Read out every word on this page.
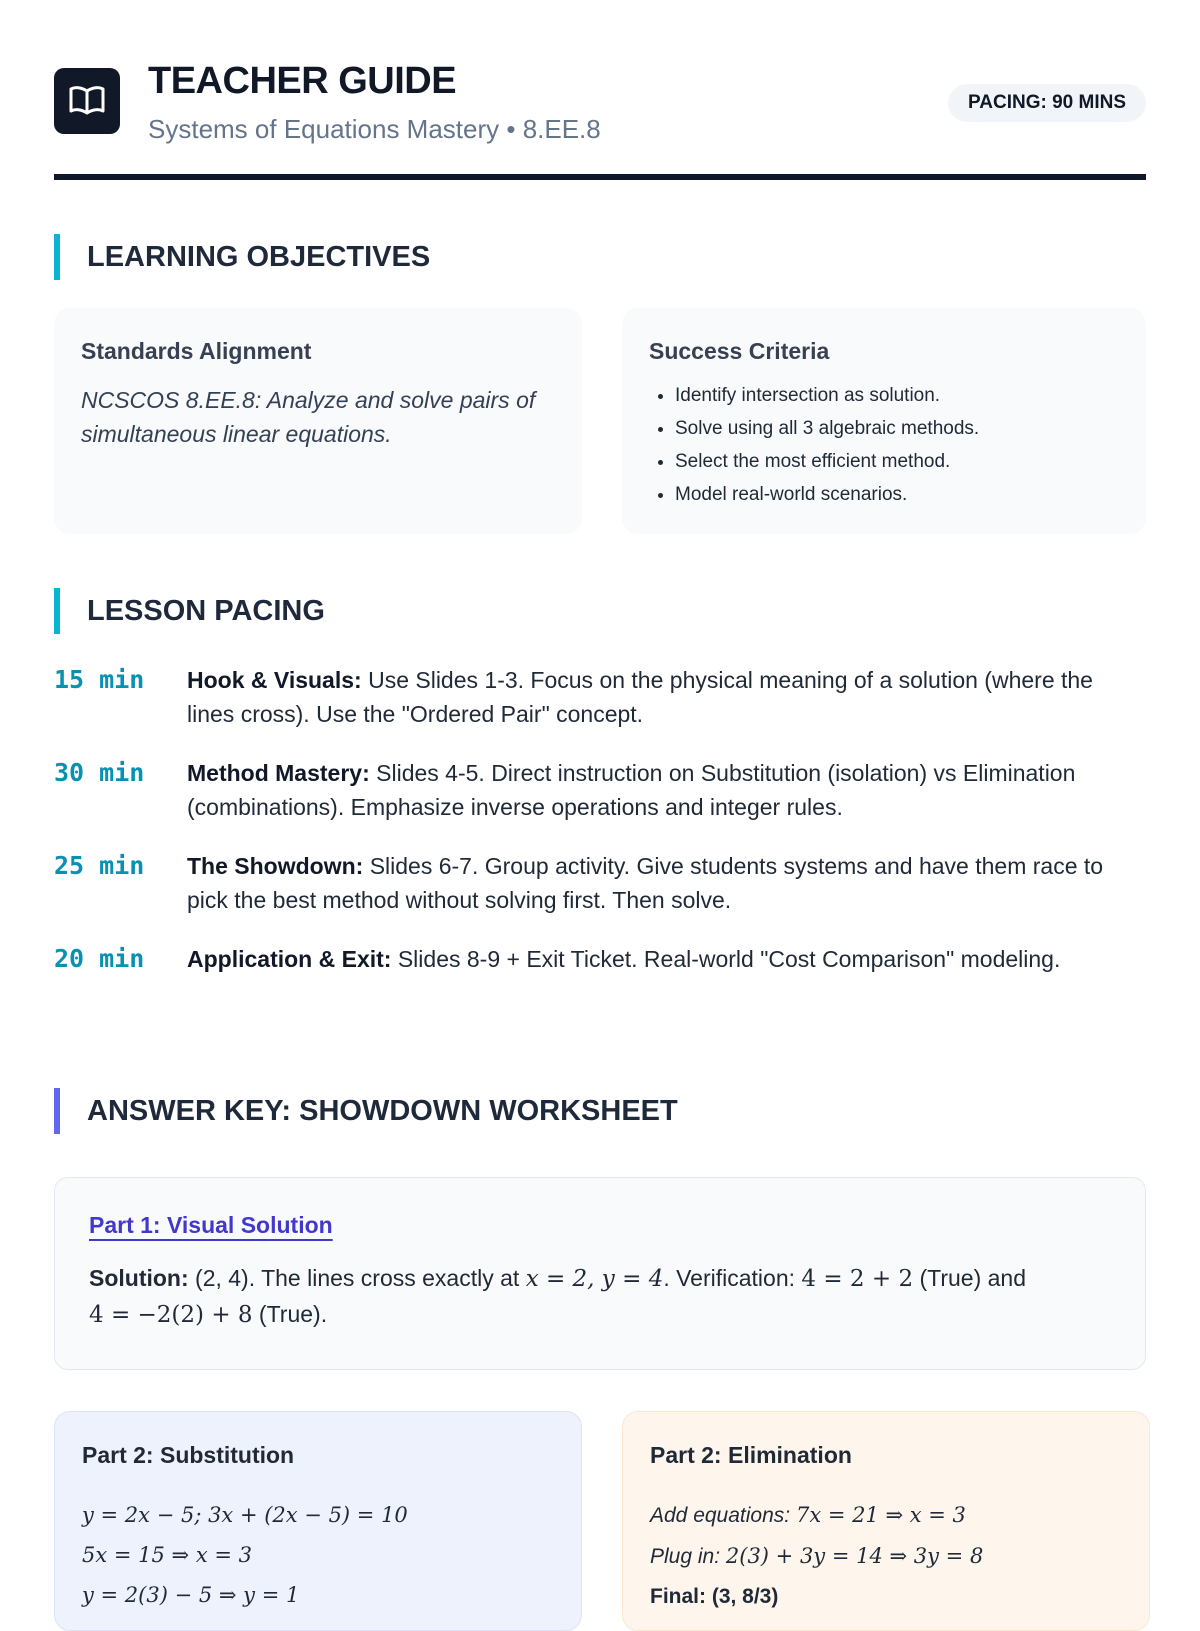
TEACHER GUIDE
Systems of Equations Mastery • 8.EE.8
PACING: 90 MINS
LEARNING OBJECTIVES
Standards Alignment
NCSCOS 8.EE.8: Analyze and solve pairs of simultaneous linear equations.
Success Criteria
• Identify intersection as solution.
• Solve using all 3 algebraic methods.
• Select the most efficient method.
• Model real-world scenarios.
LESSON PACING
15 min Hook & Visuals: Use Slides 1-3. Focus on the physical meaning of a solution (where the lines cross). Use the "Ordered Pair" concept.
30 min Method Mastery: Slides 4-5. Direct instruction on Substitution (isolation) vs Elimination (combinations). Emphasize inverse operations and integer rules.
25 min The Showdown: Slides 6-7. Group activity. Give students systems and have them race to pick the best method without solving first. Then solve.
20 min Application & Exit: Slides 8-9 + Exit Ticket. Real-world "Cost Comparison" modeling.
ANSWER KEY: SHOWDOWN WORKSHEET
Part 1: Visual Solution
Solution: (2, 4). The lines cross exactly at x = 2, y = 4. Verification: 4 = 2 + 2 (True) and
4 = −2(2) + 8 (True).
Part 2: Substitution
y = 2x − 5; 3x + (2x − 5) = 10
5x = 15 ⇒ x = 3
y = 2(3) − 5 ⇒ y = 1
Part 2: Elimination
Add equations: 7x = 21 ⇒ x = 3
Plug in: 2(3) + 3y = 14 ⇒ 3y = 8
Final: (3, 8/3)
